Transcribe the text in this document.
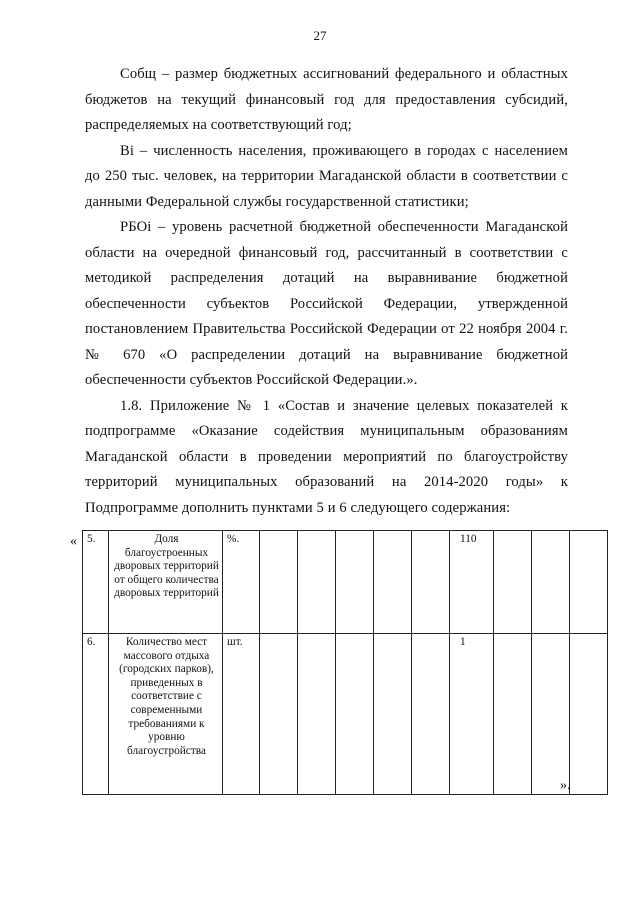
27

Собщ – размер бюджетных ассигнований федерального и областных бюджетов на текущий финансовый год для предоставления субсидий, распределяемых на соответствующий год;

Bi – численность населения, проживающего в городах с населением до 250 тыс. человек, на территории Магаданской области в соответствии с данными Федеральной службы государственной статистики;

РБОi – уровень расчетной бюджетной обеспеченности Магаданской области на очередной финансовый год, рассчитанный в соответствии с методикой распределения дотаций на выравнивание бюджетной обеспеченности субъектов Российской Федерации, утвержденной постановлением Правительства Российской Федерации от 22 ноября 2004 г. № 670 «О распределении дотаций на выравнивание бюджетной обеспеченности субъектов Российской Федерации.».

1.8. Приложение № 1 «Состав и значение целевых показателей к подпрограмме «Оказание содействия муниципальным образованиям Магаданской области в проведении мероприятий по благоустройству территорий муниципальных образований на 2014-2020 годы» к Подпрограмме дополнить пунктами 5 и 6 следующего содержания:

« 5.	Доля благоустроенных дворовых территорий от общего количества дворовых территорий	%.						110			
6.	Количество мест массового отдыха (городских парков), приведенных в соответствие с современными требованиями к уровню благоустройства	шт.						1			
».
